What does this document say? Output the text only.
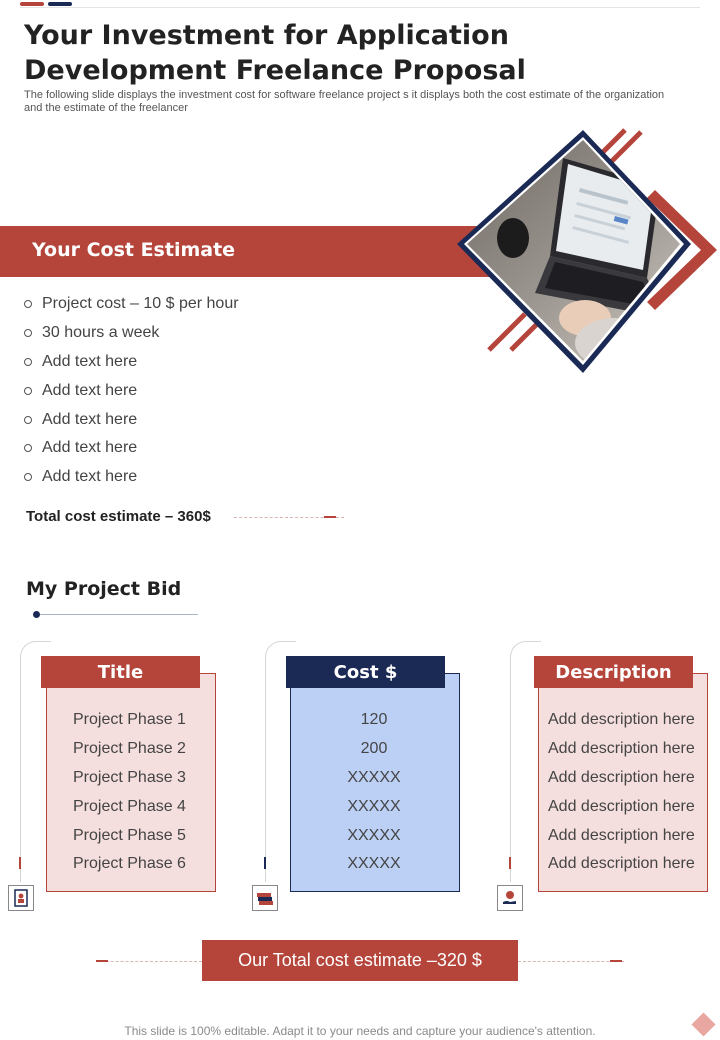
Your Investment for Application Development Freelance Proposal
The following slide displays the investment cost for software freelance project s it displays both the cost estimate of the organization and the estimate of the freelancer
Your Cost Estimate
Project cost – 10 $ per hour
30 hours a week
Add text here
Add text here
Add text here
Add text here
Add text here
Total cost estimate – 360$
My Project Bid
Title
Project Phase 1
Project Phase 2
Project Phase 3
Project Phase 4
Project Phase 5
Project Phase 6
Cost $
120
200
XXXXX
XXXXX
XXXXX
XXXXX
Description
Add description here
Add description here
Add description here
Add description here
Add description here
Add description here
Our Total cost estimate –320 $
This slide is 100% editable. Adapt it to your needs and capture your audience's attention.
